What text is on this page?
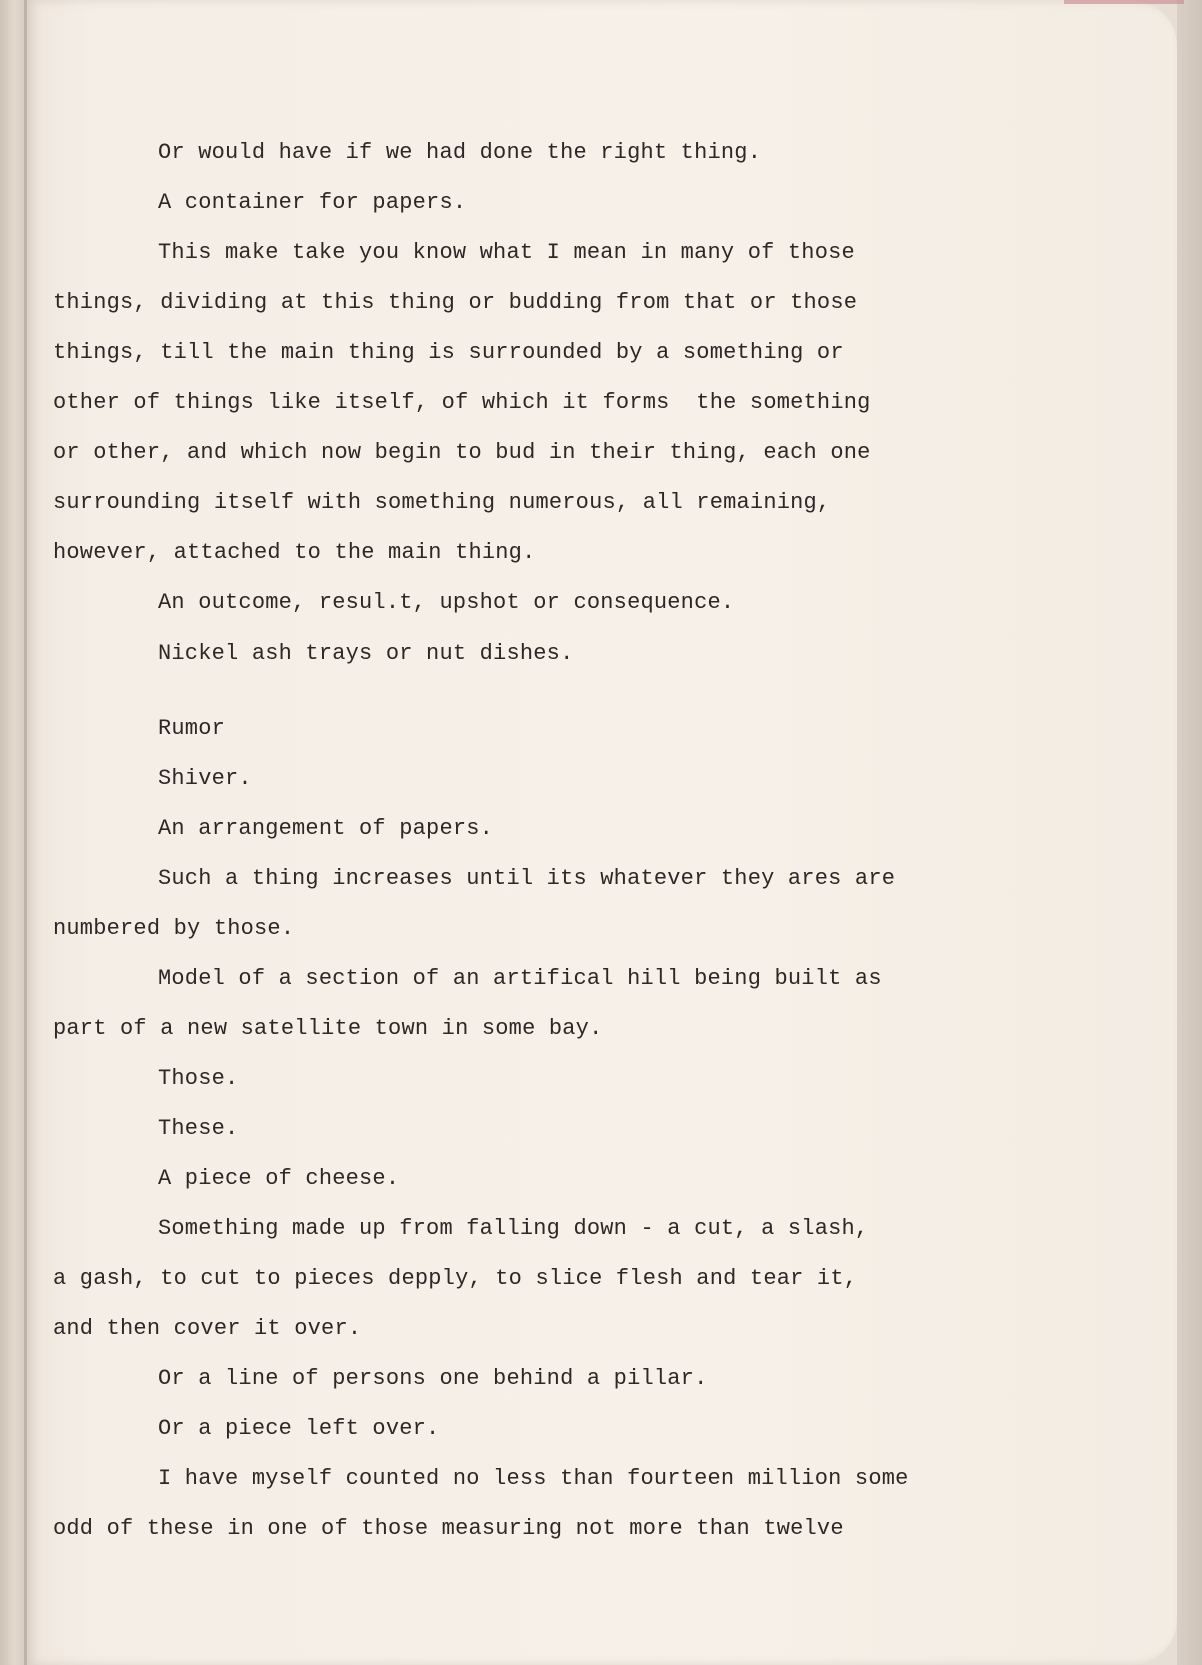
Or would have if we had done the right thing.

A container for papers.

This make take you know what I mean in many of those

things, dividing at this thing or budding from that or those

things, till the main thing is surrounded by a something or

other of things like itself, of which it forms  the something

or other, and which now begin to bud in their thing, each one

surrounding itself with something numerous, all remaining,

however, attached to the main thing.

An outcome, resul.t, upshot or consequence.

Nickel ash trays or nut dishes.

Rumor

Shiver.

An arrangement of papers.

Such a thing increases until its whatever they ares are

numbered by those.

Model of a section of an artifical hill being built as

part of a new satellite town in some bay.

Those.

These.

A piece of cheese.

Something made up from falling down - a cut, a slash,

a gash, to cut to pieces depply, to slice flesh and tear it,

and then cover it over.

Or a line of persons one behind a pillar.

Or a piece left over.

I have myself counted no less than fourteen million some

odd of these in one of those measuring not more than twelve
